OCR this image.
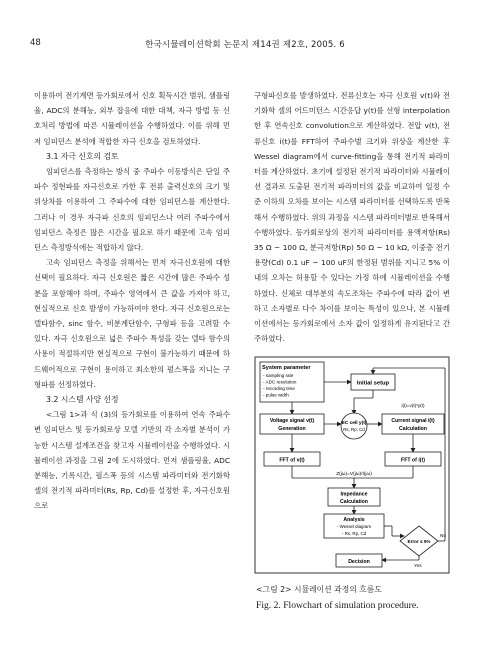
48	한국시뮬레이션학회 논문지 제14권 제2호, 2005. 6

이용하여 전기계면 등가회로에서 신호 획득시간 범위, 샘플링율, ADC의 분해능, 외부 잡음에 대한 대책, 자극 방법 등 신호처리 방법에 따른 시뮬레이션을 수행하였다. 이를 위해 먼저 임피던스 분석에 적합한 자극 신호을 검토하였다.

3.1 자극 신호의 검토

임피던스를 측정하는 방식 중 주파수 이동방식은 단일 주파수 정현파를 자극신호로 가한 후 전류 출력신호의 크기 및 위상차를 이용하여 그 주파수에 대한 임피던스를 계산한다. 그러나 이 경우 자극파 신호의 임피던스나 여러 주파수에서 임피던스 측정은 많은 시간을 필요로 하기 때문에 고속 임피던스 측정방식에는 적합하지 않다.

고속 임피던스 측정을 위해서는 먼저 자극신호원에 대한 선택이 필요하다. 자극 신호원은 짧은 시간에 많은 주파수 성분을 포함해야 하며, 주파수 영역에서 큰 값을 가져야 하고, 현실적으로 신호 발생이 가능하여야 한다. 자극 신호원으로는 델타함수, sinc 함수, 비분계단함수, 구형파 등을 고려할 수 있다. 자극 신호원으로 넓은 주파수 특성을 갖는 델타 함수의 사용이 적절하지만 현실적으로 구현이 불가능하기 때문에 하드웨어적으로 구현이 용이하고 최소한의 펄스폭을 지니는 구형파를 선정하였다.

3.2 시스템 사양 선정

<그림 1>과 식 (3)의 등가회로를 이용하여 연속 주파수변 임피던스 및 등가회로상 모델 기반의 각 소자별 분석이 가능한 시스템 설계조건을 찾고자 시뮬레이션을 수행하였다. 시뮬레이션 과정을 그림 2에 도시하였다. 먼저 샘플링율, ADC 분해능, 기록시간, 필스폭 등의 시스템 파라미터와 전기화학셀의 전기적 파라미터(Rs, Rp, Cd)를 설정한 후, 자극신호원으로

구형파신호를 발생하였다. 전류신호는 자극 신호원 v(t)와 전기화학 셀의 어드미턴스 시간응답 y(t)를 선형 interpolation한 후 연속신호 convolution으로 계산하였다. 전압 v(t), 전류신호 i(t)를 FFT하여 주파수별 크기와 위상을 계산한 후 Wessel diagram에서 curve-fitting을 통해 전기적 파라미터를 계산하였다. 초기에 설정된 전기적 파라미터와 시뮬레이션 결과로 도출된 전기적 파라미터의 값을 비교하여 일정 수준 이하의 오차를 보이는 시스템 파라미터를 선택하도록 반복해서 수행하였다. 위의 과정을 시스템 파라미터별로 반복해서 수행하였다. 등가회로상의 전기적 파라미터를 용액저항(Rs) 35 Ω ~ 100 Ω, 분극저항(Rp) 50 Ω ~ 10 kΩ, 이중층 전기용량(Cd) 0.1 uF ~ 100 uF의 한정된 범위를 지니고 5% 이내의 오차는 허용할 수 있다는 가정 하에 시뮬레이션을 수행하였다. 신체로 대부분의 속도조차는 주파수에 따라 값이 변하고 소자별로 다수 차이를 보이는 특성이 있으나, 본 시뮬레이션에서는 등가회로에서 소자 값이 일정하게 유지된다고 간주하였다.

System parameter
- sampling rate
- ADC resolution
- recording time
- pulse width
Initial setup
Voltage signal v(t)
Generation
EC cell y(t)
Rs, Rp, Cd
Current signal i(t)
Calculation
i(t)=v(t)*y(t)
FFT of v(t)	FFT of i(t)
Z(jω)=V(jω)/I(jω)
Impedance
Calculation
Analysis
- Wessel diagram
- Rs, Rp, Cd
Error ≤ 5%
No
Yes
Decision
<그림 2> 시뮬레이션 과정의 흐름도
Fig. 2. Flowchart of simulation procedure.
